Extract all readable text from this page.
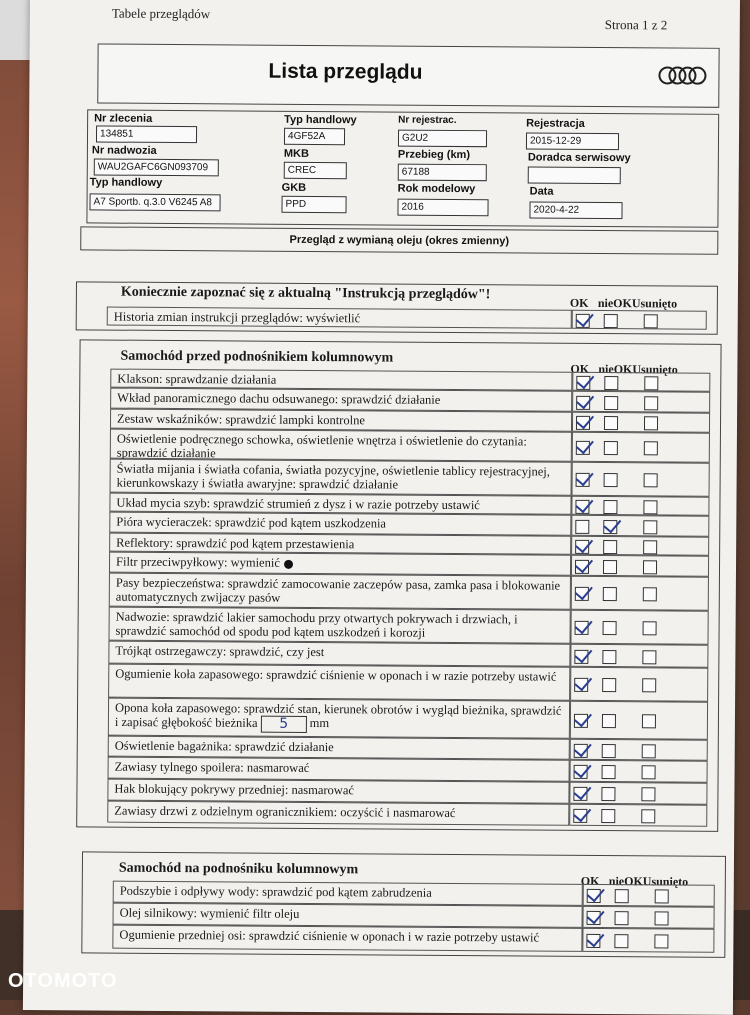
Tabele przeglądów
Strona 1 z 2
Lista przeglądu
Nr zlecenia
134851
Typ handlowy
4GF52A
Nr rejestrac.
G2U2
Rejestracja
2015-12-29
Nr nadwozia
WAU2GAFC6GN093709
MKB
CREC
Przebieg (km)
67188
Doradca serwisowy
Typ handlowy
A7 Sportb. q.3.0 V6245 A8
GKB
PPD
Rok modelowy
2016
Data
2020-4-22
Przegląd z wymianą oleju (okres zmienny)
Koniecznie zapoznać się z aktualną "Instrukcją przeglądów"!
OK nieOK Usunięto
Historia zmian instrukcji przeglądów: wyświetlić
Samochód przed podnośnikiem kolumnowym
OK nieOK Usunięto
Klakson: sprawdzanie działania
Wkład panoramicznego dachu odsuwanego: sprawdzić działanie
Zestaw wskaźników: sprawdzić lampki kontrolne
Oświetlenie podręcznego schowka, oświetlenie wnętrza i oświetlenie do czytania: sprawdzić działanie
Światła mijania i światła cofania, światła pozycyjne, oświetlenie tablicy rejestracyjnej, kierunkowskazy i światła awaryjne: sprawdzić działanie
Układ mycia szyb: sprawdzić strumień z dysz i w razie potrzeby ustawić
Pióra wycieraczek: sprawdzić pod kątem uszkodzenia
Reflektory: sprawdzić pod kątem przestawienia
Filtr przeciwpyłkowy: wymienić
Pasy bezpieczeństwa: sprawdzić zamocowanie zaczepów pasa, zamka pasa i blokowanie automatycznych zwijaczy pasów
Nadwozie: sprawdzić lakier samochodu przy otwartych pokrywach i drzwiach, i sprawdzić samochód od spodu pod kątem uszkodzeń i korozji
Trójkąt ostrzegawczy: sprawdzić, czy jest
Ogumienie koła zapasowego: sprawdzić ciśnienie w oponach i w razie potrzeby ustawić
Opona koła zapasowego: sprawdzić stan, kierunek obrotów i wygląd bieżnika, sprawdzić i zapisać głębokość bieżnika 5 mm
Oświetlenie bagażnika: sprawdzić działanie
Zawiasy tylnego spoilera: nasmarować
Hak blokujący pokrywy przedniej: nasmarować
Zawiasy drzwi z odzielnym ogranicznikiem: oczyścić i nasmarować
Samochód na podnośniku kolumnowym
OK nieOK Usunięto
Podszybie i odpływy wody: sprawdzić pod kątem zabrudzenia
Olej silnikowy: wymienić filtr oleju
Ogumienie przedniej osi: sprawdzić ciśnienie w oponach i w razie potrzeby ustawić
OTOMOTO
